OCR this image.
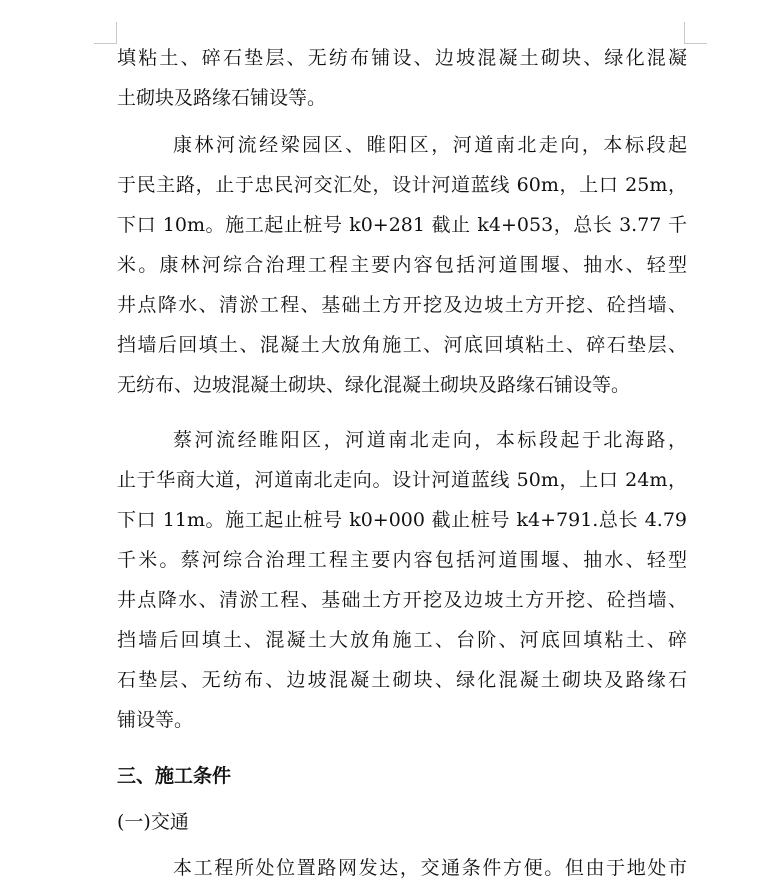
填粘土、碎石垫层、无纺布铺设、边坡混凝土砌块、绿化混凝
土砌块及路缘石铺设等。
康林河流经梁园区、睢阳区，河道南北走向，本标段起
于民主路，止于忠民河交汇处，设计河道蓝线 60m，上口 25m，
下口 10m。施工起止桩号 k0+281 截止 k4+053，总长 3.77 千
米。康林河综合治理工程主要内容包括河道围堰、抽水、轻型
井点降水、清淤工程、基础土方开挖及边坡土方开挖、砼挡墙、
挡墙后回填土、混凝土大放角施工、河底回填粘土、碎石垫层、
无纺布、边坡混凝土砌块、绿化混凝土砌块及路缘石铺设等。
蔡河流经睢阳区，河道南北走向，本标段起于北海路，
止于华商大道，河道南北走向。设计河道蓝线 50m，上口 24m，
下口 11m。施工起止桩号 k0+000 截止桩号 k4+791.总长 4.79
千米。蔡河综合治理工程主要内容包括河道围堰、抽水、轻型
井点降水、清淤工程、基础土方开挖及边坡土方开挖、砼挡墙、
挡墙后回填土、混凝土大放角施工、台阶、河底回填粘土、碎
石垫层、无纺布、边坡混凝土砌块、绿化混凝土砌块及路缘石
铺设等。
三、施工条件
(一)交通
本工程所处位置路网发达，交通条件方便。但由于地处市
